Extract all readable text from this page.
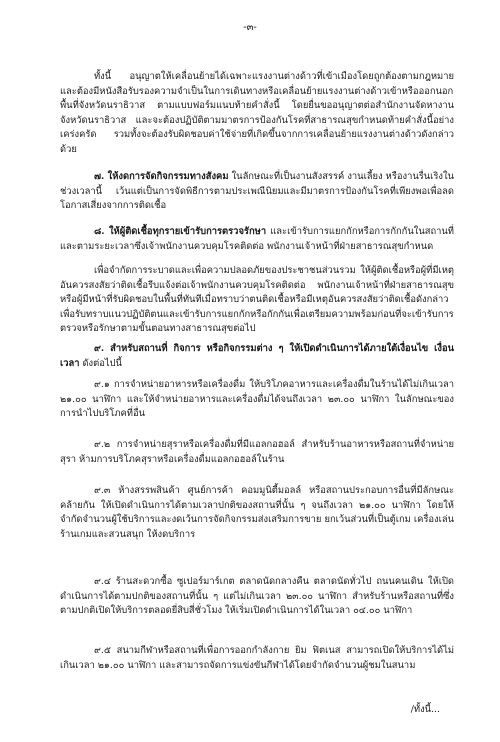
-๓-
ทั้งนี้ อนุญาตให้เคลื่อนย้ายได้เฉพาะแรงงานต่างด้าวที่เข้าเมืองโดยถูกต้องตามกฎหมาย และต้องมีหนังสือรับรองความจำเป็นในการเดินทางหรือเคลื่อนย้ายแรงงานต่างด้าวเข้าหรือออกนอกพื้นที่จังหวัดนราธิวาส ตามแบบฟอร์มแนบท้ายคำสั่งนี้ โดยยื่นขออนุญาตต่อสำนักงานจัดหางานจังหวัดนราธิวาส และจะต้องปฏิบัติตามมาตรการป้องกันโรคที่สาธารณสุขกำหนดท้ายคำสั่งนี้อย่างเคร่งครัด รวมทั้งจะต้องรับผิดชอบค่าใช้จ่ายที่เกิดขึ้นจากการเคลื่อนย้ายแรงงานต่างด้าวดังกล่าวด้วย
๗. ให้งดการจัดกิจกรรมทางสังคม ในลักษณะที่เป็นงานสังสรรค์ งานเลี้ยง หรืองานรื่นเริงในช่วงเวลานี้ เว้นแต่เป็นการจัดพิธีการตามประเพณีนิยมและมีมาตรการป้องกันโรคที่เพียงพอเพื่อลดโอกาสเสี่ยงจากการติดเชื้อ
๘. ให้ผู้ติดเชื้อทุกรายเข้ารับการตรวจรักษา และเข้ารับการแยกกักหรือการกักกันในสถานที่และตามระยะเวลาซึ่งเจ้าพนักงานควบคุมโรคติดต่อ พนักงานเจ้าหน้าที่ฝ่ายสาธารณสุขกำหนด
เพื่อจำกัดการระบาดและเพื่อความปลอดภัยของประชาชนส่วนรวม ให้ผู้ติดเชื้อหรือผู้ที่มีเหตุอันควรสงสัยว่าติดเชื้อรีบแจ้งต่อเจ้าพนักงานควบคุมโรคติดต่อ พนักงานเจ้าหน้าที่ฝ่ายสาธารณสุข หรือผู้มีหน้าที่รับผิดชอบในพื้นที่ทันทีเมื่อทราบว่าตนติดเชื้อหรือมีเหตุอันควรสงสัยว่าติดเชื้อดังกล่าวเพื่อรับทราบแนวปฏิบัติตนและเข้ารับการแยกกักหรือกักกันเพื่อเตรียมความพร้อมก่อนที่จะเข้ารับการตรวจหรือรักษาตามขั้นตอนทางสาธารณสุขต่อไป
๙. สำหรับสถานที่ กิจการ หรือกิจกรรมต่าง ๆ ให้เปิดดำเนินการได้ภายใต้เงื่อนไข เงื่อนเวลา ดังต่อไปนี้
๙.๑ การจำหน่ายอาหารหรือเครื่องดื่ม ให้บริโภคอาหารและเครื่องดื่มในร้านได้ไม่เกินเวลา ๒๑.๐๐ นาฬิกา และให้จำหน่ายอาหารและเครื่องดื่มได้จนถึงเวลา ๒๓.๐๐ นาฬิกา ในลักษณะของการนำไปบริโภคที่อื่น
๙.๒ การจำหน่ายสุราหรือเครื่องดื่มที่มีแอลกอฮอล์ สำหรับร้านอาหารหรือสถานที่จำหน่ายสุรา ห้ามการบริโภคสุราหรือเครื่องดื่มแอลกอฮอล์ในร้าน
๙.๓ ห้างสรรพสินค้า ศูนย์การค้า คอมมูนิตี้มอลล์ หรือสถานประกอบการอื่นที่มีลักษณะคล้ายกัน ให้เปิดดำเนินการได้ตามเวลาปกติของสถานที่นั้น ๆ จนถึงเวลา ๒๑.๐๐ นาฬิกา โดยให้จำกัดจำนวนผู้ใช้บริการและงดเว้นการจัดกิจกรรมส่งเสริมการขาย ยกเว้นส่วนที่เป็นตู้เกม เครื่องเล่น ร้านเกมและสวนสนุก ให้งดบริการ
๙.๔ ร้านสะดวกซื้อ ซูเปอร์มาร์เกต ตลาดนัดกลางคืน ตลาดนัดทั่วไป ถนนคนเดิน ให้เปิดดำเนินการได้ตามปกติของสถานที่นั้น ๆ แต่ไม่เกินเวลา ๒๓.๐๐ นาฬิกา สำหรับร้านหรือสถานที่ซึ่งตามปกติเปิดให้บริการตลอดยี่สิบสี่ชั่วโมง ให้เริ่มเปิดดำเนินการได้ในเวลา ๐๔.๐๐ นาฬิกา
๙.๕ สนามกีฬาหรือสถานที่เพื่อการออกกำลังกาย ยิม ฟิตเนส สามารถเปิดให้บริการได้ไม่เกินเวลา ๒๑.๐๐ นาฬิกา และสามารถจัดการแข่งขันกีฬาได้โดยจำกัดจำนวนผู้ชมในสนาม
/ทั้งนี้...
